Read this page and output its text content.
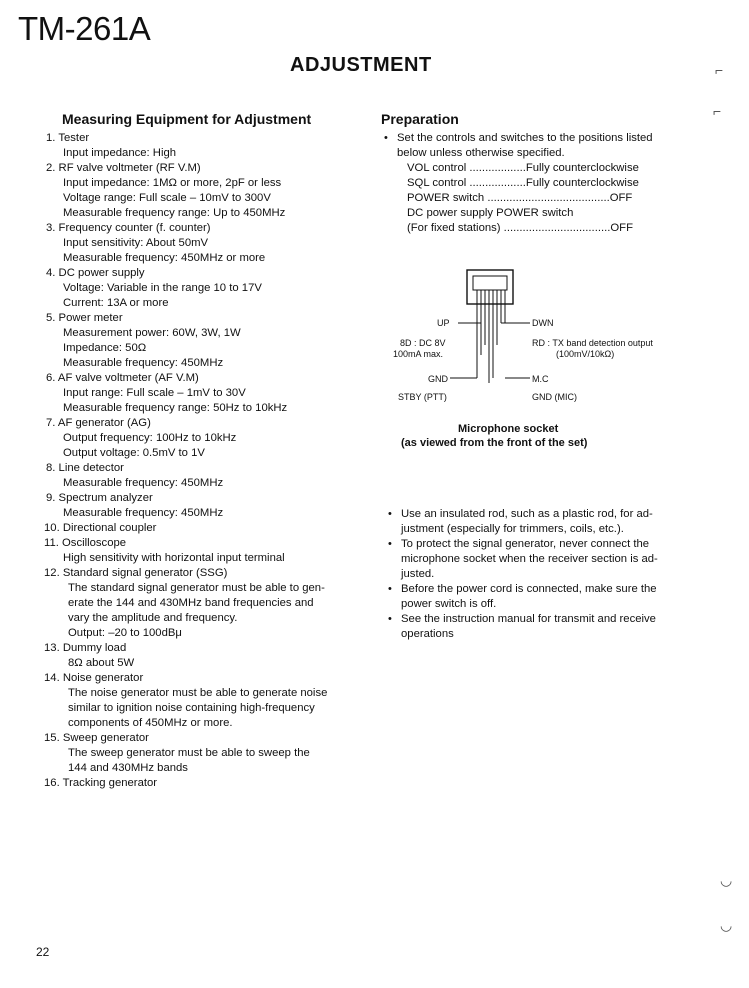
TM-261A
ADJUSTMENT
Measuring Equipment for Adjustment
1. Tester
Input impedance: High
2. RF valve voltmeter (RF V.M)
Input impedance: 1MΩ or more, 2pF or less
Voltage range: Full scale – 10mV to 300V
Measurable frequency range: Up to 450MHz
3. Frequency counter (f. counter)
Input sensitivity: About 50mV
Measurable frequency: 450MHz or more
4. DC power supply
Voltage: Variable in the range 10 to 17V
Current: 13A or more
5. Power meter
Measurement power: 60W, 3W, 1W
Impedance: 50Ω
Measurable frequency: 450MHz
6. AF valve voltmeter (AF V.M)
Input range: Full scale – 1mV to 30V
Measurable frequency range: 50Hz to 10kHz
7. AF generator (AG)
Output frequency: 100Hz to 10kHz
Output voltage: 0.5mV to 1V
8. Line detector
Measurable frequency: 450MHz
9. Spectrum analyzer
Measurable frequency: 450MHz
10. Directional coupler
11. Oscilloscope
High sensitivity with horizontal input terminal
12. Standard signal generator (SSG)
The standard signal generator must be able to gen-
erate the 144 and 430MHz band frequencies and
vary the amplitude and frequency.
Output: –20 to 100dBμ
13. Dummy load
8Ω about 5W
14. Noise generator
The noise generator must be able to generate noise
similar to ignition noise containing high-frequency
components of 450MHz or more.
15. Sweep generator
The sweep generator must be able to sweep the
144 and 430MHz bands
16. Tracking generator
Preparation
• Set the controls and switches to the positions listed
below unless otherwise specified.
VOL control ..................Fully counterclockwise
SQL control ..................Fully counterclockwise
POWER switch .......................................OFF
DC power supply POWER switch
(For fixed stations) ..................................OFF
UP	DWN
8D : DC 8V
100mA max.
RD : TX band detection output
(100mV/10kΩ)
GND	M.C
STBY (PTT)	GND (MIC)
Microphone socket
(as viewed from the front of the set)
• Use an insulated rod, such as a plastic rod, for ad-
justment (especially for trimmers, coils, etc.).
• To protect the signal generator, never connect the
microphone socket when the receiver section is ad-
justed.
• Before the power cord is connected, make sure the
power switch is off.
• See the instruction manual for transmit and receive
operations
22
⌐
⌐
◡
◡
